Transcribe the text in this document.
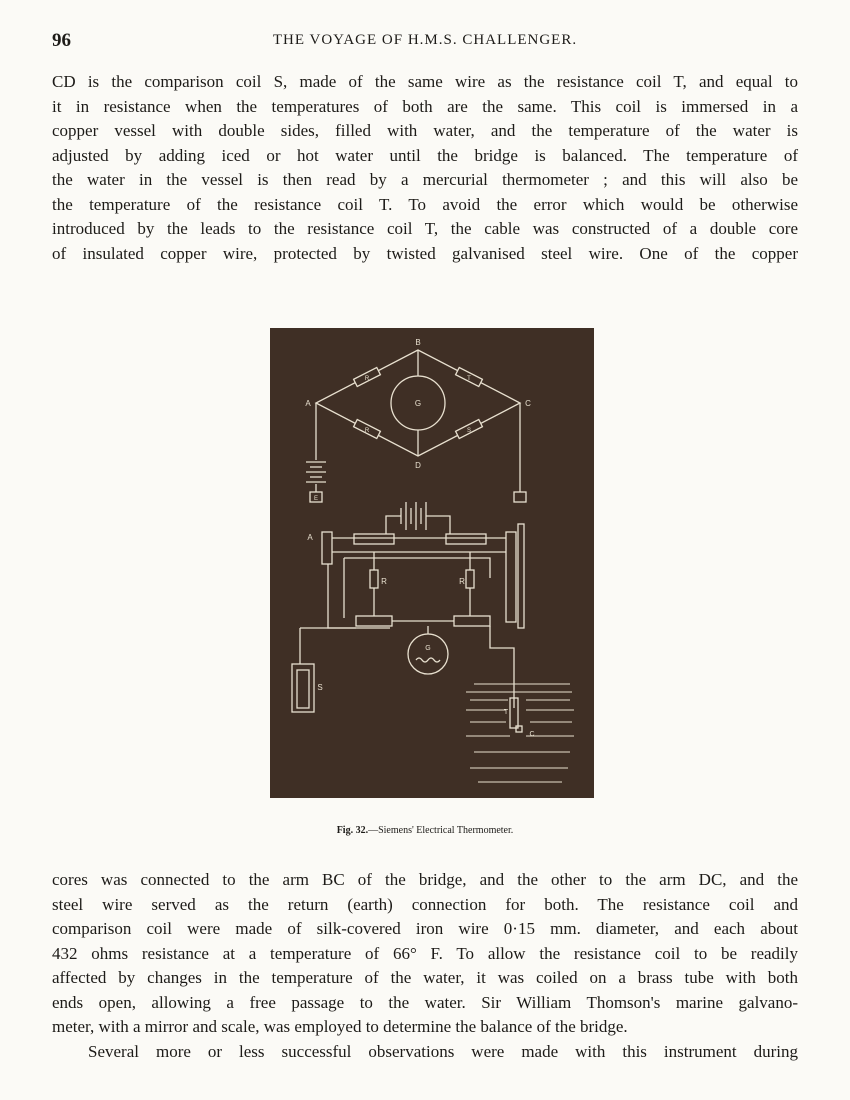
96	THE VOYAGE OF H.M.S. CHALLENGER.
CD is the comparison coil S, made of the same wire as the resistance coil T, and equal to
it in resistance when the temperatures of both are the same. This coil is immersed in a
copper vessel with double sides, filled with water, and the temperature of the water is
adjusted by adding iced or hot water until the bridge is balanced. The temperature of
the water in the vessel is then read by a mercurial thermometer ; and this will also be
the temperature of the resistance coil T. To avoid the error which would be otherwise
introduced by the leads to the resistance coil T, the cable was constructed of a double core
of insulated copper wire, protected by twisted galvanised steel wire. One of the copper
B
A	C
D
G
R
R
T
S
E
A
R	R
G
S
T
C
Fig. 32.—Siemens' Electrical Thermometer.
cores was connected to the arm BC of the bridge, and the other to the arm DC, and the
steel wire served as the return (earth) connection for both. The resistance coil and
comparison coil were made of silk-covered iron wire 0·15 mm. diameter, and each about
432 ohms resistance at a temperature of 66° F. To allow the resistance coil to be readily
affected by changes in the temperature of the water, it was coiled on a brass tube with both
ends open, allowing a free passage to the water. Sir William Thomson's marine galvano-
meter, with a mirror and scale, was employed to determine the balance of the bridge.
Several more or less successful observations were made with this instrument during
